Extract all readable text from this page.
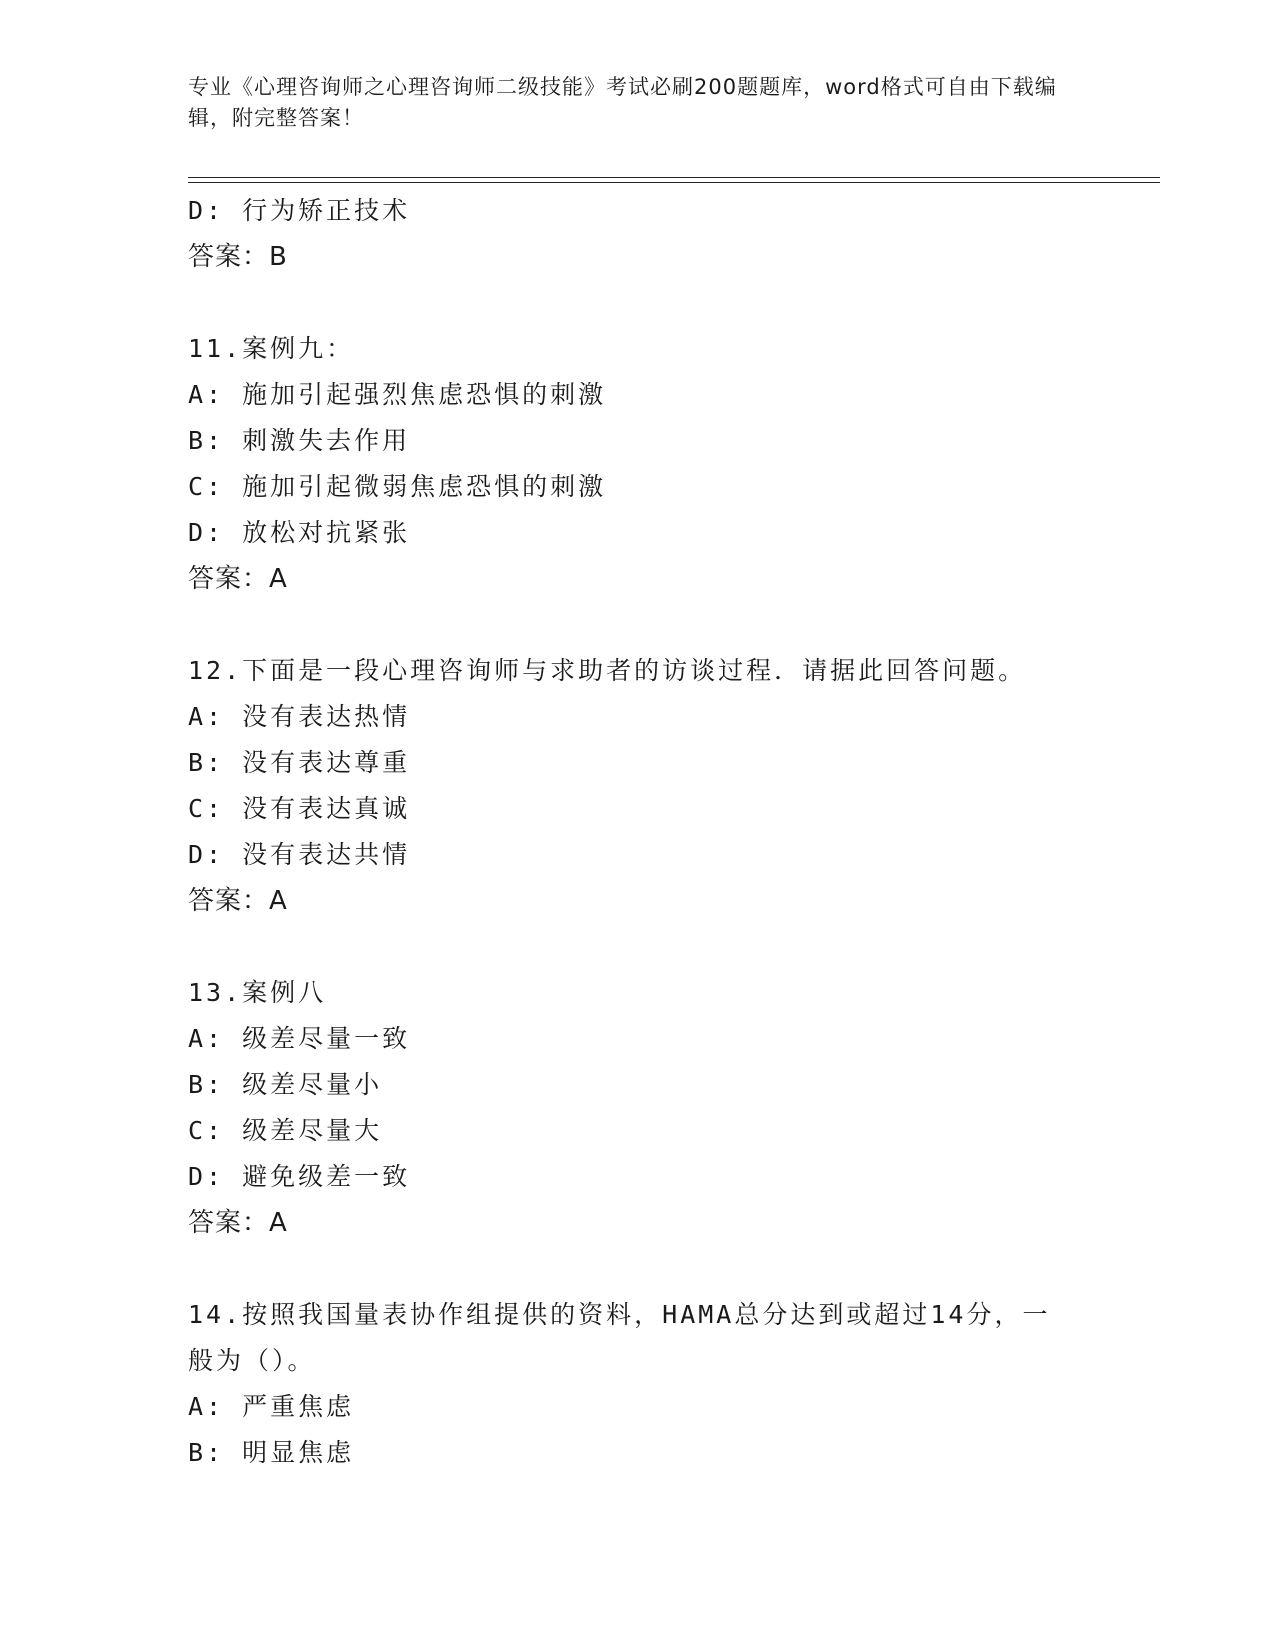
专业《心理咨询师之心理咨询师二级技能》考试必刷200题题库，word格式可自由下载编辑，附完整答案！
D: 行为矫正技术
答案：B
11.案例九：
A: 施加引起强烈焦虑恐惧的刺激
B: 刺激失去作用
C: 施加引起微弱焦虑恐惧的刺激
D: 放松对抗紧张
答案：A
12.下面是一段心理咨询师与求助者的访谈过程．请据此回答问题。
A: 没有表达热情
B: 没有表达尊重
C: 没有表达真诚
D: 没有表达共情
答案：A
13.案例八
A: 级差尽量一致
B: 级差尽量小
C: 级差尽量大
D: 避免级差一致
答案：A
14.按照我国量表协作组提供的资料，HAMA总分达到或超过14分，一般为（）。
A: 严重焦虑
B: 明显焦虑
